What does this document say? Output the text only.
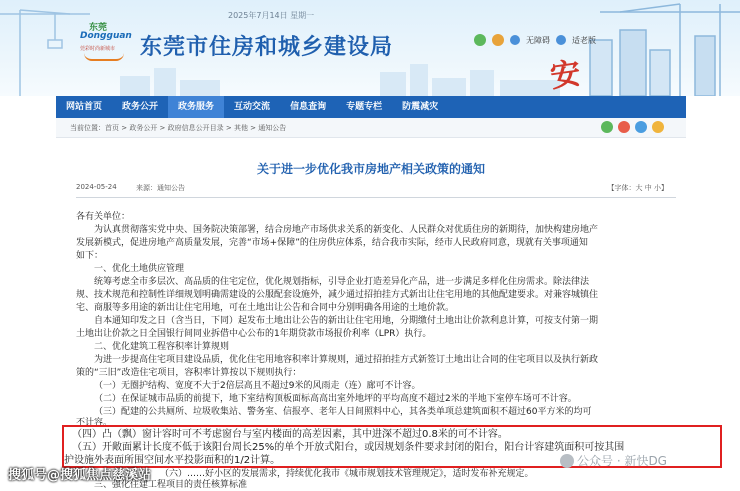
2025年7月14日 星期一
东莞
Dongguan
莞彩时尚新城市 东莞市住房和城乡建设局	无障碍	适老版
安
网站首页	政务公开	政务服务	互动交流	信息查询	专题专栏	防震减灾
当前位置：首页 > 政务公开 > 政府信息公开目录 > 其他 > 通知公告
关于进一步优化我市房地产相关政策的通知
2024-05-24	来源：通知公告	【字体：大 中 小】
各有关单位：
为认真贯彻落实党中央、国务院决策部署，结合房地产市场供求关系的新变化、人民群众对优质住房的新期待，加快构建房地产
发展新模式，促进房地产高质量发展，完善“市场+保障”的住房供应体系，结合我市实际，经市人民政府同意，现就有关事项通知
如下：
一、优化土地供应管理
统筹考虑全市多层次、高品质的住宅定位，优化规划指标，引导企业打造差异化产品，进一步满足多样化住房需求。除法律法
规、技术规范和控制性详细规划明确需建设的公服配套设施外，减少通过招拍挂方式新出让住宅用地的其他配建要求。对兼容城镇住
宅、商服等多用途的新出让住宅用地，可在土地出让公告和合同中分别明确各用途的土地价款。
自本通知印发之日（含当日，下同）起发布土地出让公告的新出让住宅用地，分期缴付土地出让价款利息计算，可按支付第一期
土地出让价款之日全国银行间同业拆借中心公布的1年期贷款市场报价利率（LPR）执行。
二、优化建筑工程容积率计算规则
为进一步提高住宅项目建设品质，优化住宅用地容积率计算规则，通过招拍挂方式新签订土地出让合同的住宅项目以及执行新政
策的“三旧”改造住宅项目，容积率计算按以下规则执行：
（一）无圈护结构、宽度不大于2倍层高且不超过9米的风雨走（连）廊可不计容。
（二）在保证城市品质的前提下，地下室结构顶板面标高高出室外地坪的平均高度不超过2米的半地下室停车场可不计容。
（三）配建的公共厕所、垃圾收集站、警务室、信报亭、老年人日间照料中心，其各类单项总建筑面积不超过60平方米的均可
不计容。
（四）凸（飘）窗计容时可不考虑窗台与室内楼面的高差因素，其中进深不超过0.8米的可不计容。
（五）开敞面累计长度不低于该阳台周长25%的单个开放式阳台，或因规划条件要求封闭的阳台，阳台计容建筑面积可按其围
护设施外表面所围空间水平投影面积的1/2计算。
（六）……好小区的发展需求，持续优化我市《城市规划技术管理规定》，适时发布补充规定。
三、强化住建工程项目的责任核算标准
搜狐号@搜狐焦点慈溪站
公众号 · 新快DG
